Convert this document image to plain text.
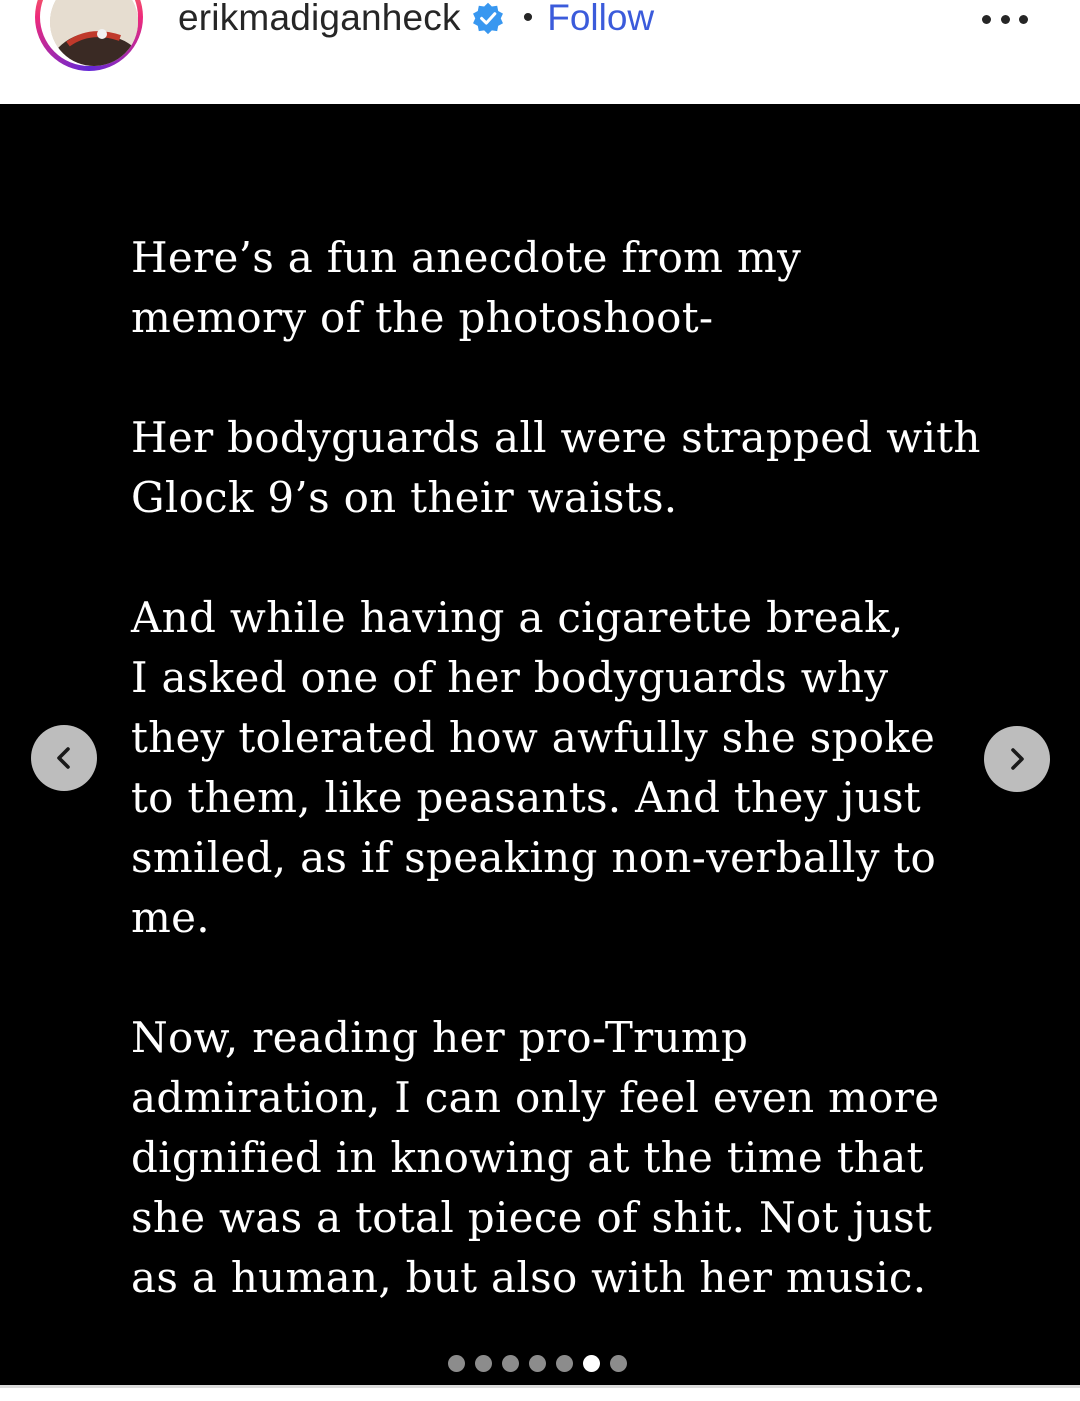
erikmadiganheck • Follow
Here’s a fun anecdote from my
memory of the photoshoot-
Her bodyguards all were strapped with
Glock 9’s on their waists.
And while having a cigarette break,
I asked one of her bodyguards why
they tolerated how awfully she spoke
to them, like peasants. And they just
smiled, as if speaking non-verbally to
me.
Now, reading her pro-Trump
admiration, I can only feel even more
dignified in knowing at the time that
she was a total piece of shit. Not just
as a human, but also with her music.
